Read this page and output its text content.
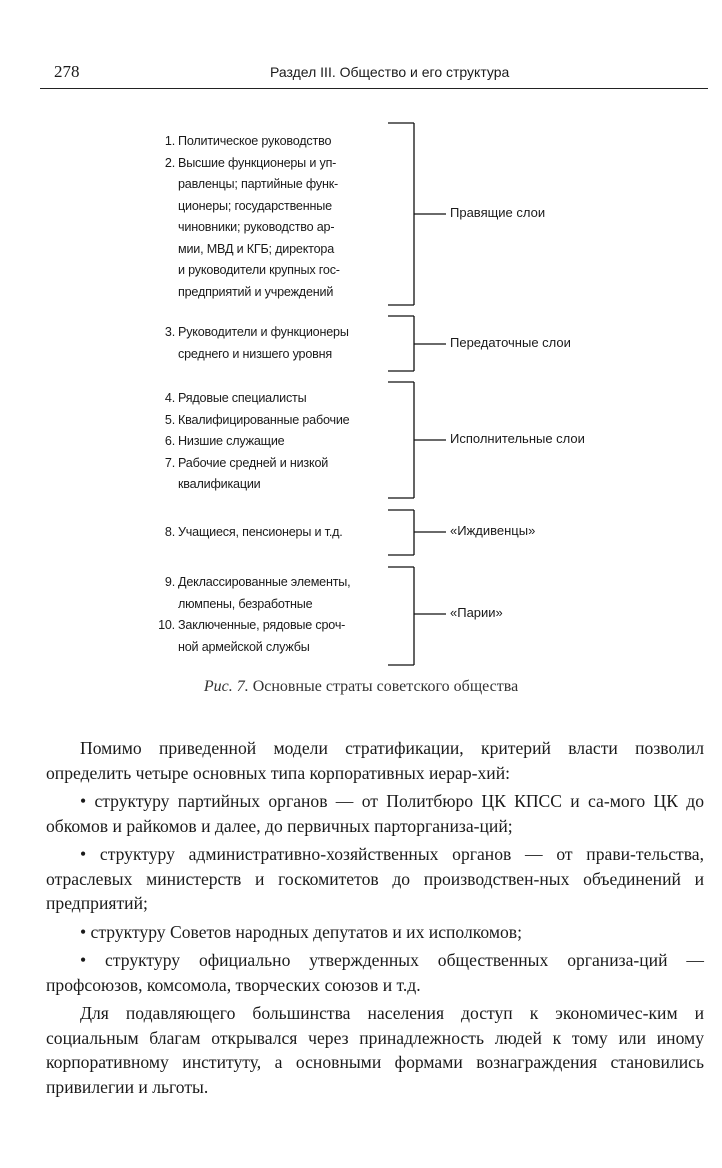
278	Раздел III. Общество и его структура
1. Политическое руководство
2. Высшие функционеры и уп-
равленцы; партийные функ-
ционеры; государственные
чиновники; руководство ар-
мии, МВД и КГБ; директора
и руководители крупных гос-
предприятий и учреждений
Правящие слои
3. Руководители и функционеры
среднего и низшего уровня
Передаточные слои
4. Рядовые специалисты
5. Квалифицированные рабочие
6. Низшие служащие
7. Рабочие средней и низкой
квалификации
Исполнительные слои
8. Учащиеся, пенсионеры и т.д.	«Иждивенцы»
9. Деклассированные элементы,
люмпены, безработные
10. Заключенные, рядовые сроч-
ной армейской службы
«Парии»
Рис. 7. Основные страты советского общества

Помимо приведенной модели стратификации, критерий власти позволил определить четыре основных типа корпоративных иерар-хий:

• структуру партийных органов — от Политбюро ЦК КПСС и са-мого ЦК до обкомов и райкомов и далее, до первичных парторганиза-ций;

• структуру административно-хозяйственных органов — от прави-тельства, отраслевых министерств и госкомитетов до производствен-ных объединений и предприятий;

• структуру Советов народных депутатов и их исполкомов;

• структуру официально утвержденных общественных организа-ций — профсоюзов, комсомола, творческих союзов и т.д.

Для подавляющего большинства населения доступ к экономичес-ким и социальным благам открывался через принадлежность людей к тому или иному корпоративному институту, а основными формами вознаграждения становились привилегии и льготы.
